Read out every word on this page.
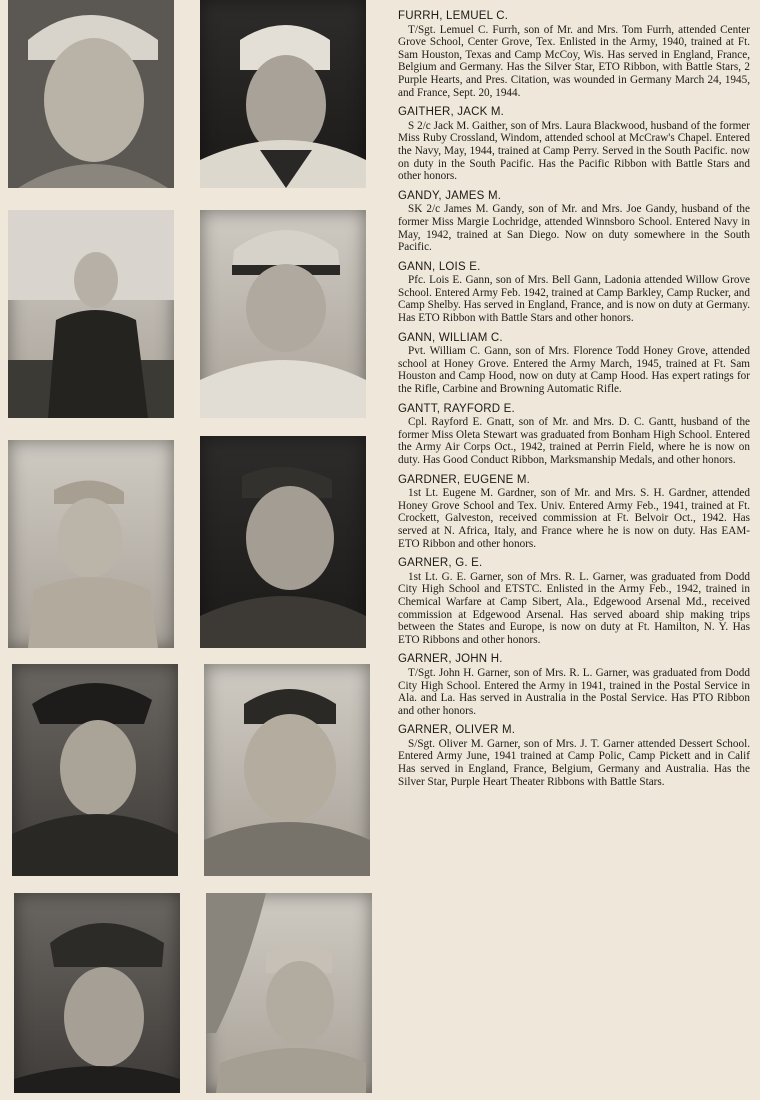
FURRH, LEMUEL C.

T/Sgt. Lemuel C. Furrh, son of Mr. and Mrs. Tom Furrh, attended Center Grove School, Center Grove, Tex. Enlisted in the Army, 1940, trained at Ft. Sam Houston, Texas and Camp McCoy, Wis. Has served in England, France, Belgium and Germany. Has the Silver Star, ETO Ribbon, with Battle Stars, 2 Purple Hearts, and Pres. Citation, was wounded in Germany March 24, 1945, and France, Sept. 20, 1944.

GAITHER, JACK M.

S 2/c Jack M. Gaither, son of Mrs. Laura Blackwood, husband of the former Miss Ruby Crossland, Windom, attended school at McCraw's Chapel. Entered the Navy, May, 1944, trained at Camp Perry. Served in the South Pacific. now on duty in the South Pacific. Has the Pacific Ribbon with Battle Stars and other honors.

GANDY, JAMES M.

SK 2/c James M. Gandy, son of Mr. and Mrs. Joe Gandy, husband of the former Miss Margie Lochridge, attended Winnsboro School. Entered Navy in May, 1942, trained at San Diego. Now on duty somewhere in the South Pacific.

GANN, LOIS E.

Pfc. Lois E. Gann, son of Mrs. Bell Gann, Ladonia attended Willow Grove School. Entered Army Feb. 1942, trained at Camp Barkley, Camp Rucker, and Camp Shelby. Has served in England, France, and is now on duty at Germany. Has ETO Ribbon with Battle Stars and other honors.

GANN, WILLIAM C.

Pvt. William C. Gann, son of Mrs. Florence Todd Honey Grove, attended school at Honey Grove. Entered the Army March, 1945, trained at Ft. Sam Houston and Camp Hood, now on duty at Camp Hood. Has expert ratings for the Rifle, Carbine and Browning Automatic Rifle.

GANTT, RAYFORD E.

Cpl. Rayford E. Gnatt, son of Mr. and Mrs. D. C. Gantt, husband of the former Miss Oleta Stewart was graduated from Bonham High School. Entered the Army Air Corps Oct., 1942, trained at Perrin Field, where he is now on duty. Has Good Conduct Ribbon, Marksmanship Medals, and other honors.

GARDNER, EUGENE M.

1st Lt. Eugene M. Gardner, son of Mr. and Mrs. S. H. Gardner, attended Honey Grove School and Tex. Univ. Entered Army Feb., 1941, trained at Ft. Crockett, Galveston, received commission at Ft. Belvoir Oct., 1942. Has served at N. Africa, Italy, and France where he is now on duty. Has EAM-ETO Ribbon and other honors.

GARNER, G. E.

1st Lt. G. E. Garner, son of Mrs. R. L. Garner, was graduated from Dodd City High School and ETSTC. Enlisted in the Army Feb., 1942, trained in Chemical Warfare at Camp Sibert, Ala., Edgewood Arsenal Md., received commission at Edgewood Arsenal. Has served aboard ship making trips between the States and Europe, is now on duty at Ft. Hamilton, N. Y. Has ETO Ribbons and other honors.

GARNER, JOHN H.

T/Sgt. John H. Garner, son of Mrs. R. L. Garner, was graduated from Dodd City High School. Entered the Army in 1941, trained in the Postal Service in Ala. and La. Has served in Australia in the Postal Service. Has PTO Ribbon and other honors.

GARNER, OLIVER M.

S/Sgt. Oliver M. Garner, son of Mrs. J. T. Garner attended Dessert School. Entered Army June, 1941 trained at Camp Polic, Camp Pickett and in Calif Has served in England, France, Belgium, Germany and Australia. Has the Silver Star, Purple Heart Theater Ribbons with Battle Stars.
